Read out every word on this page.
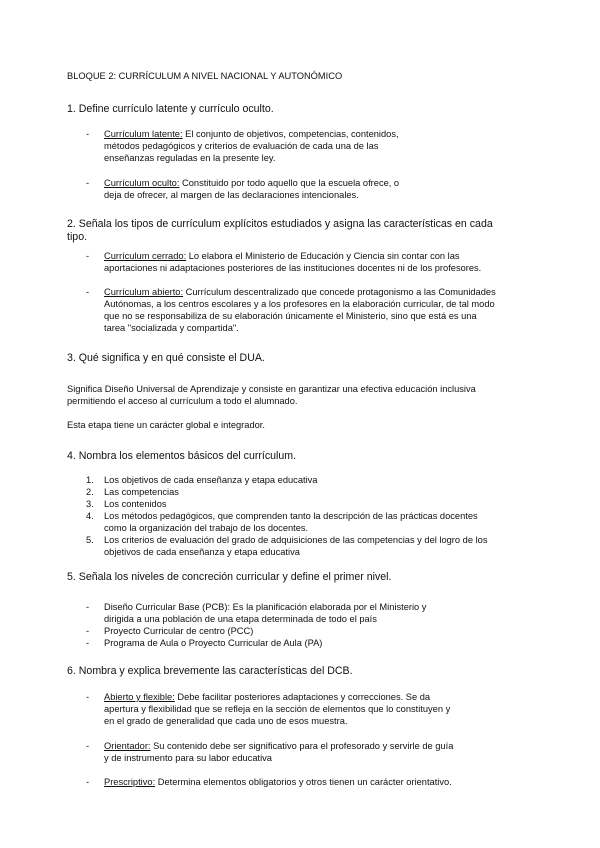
BLOQUE 2: CURRÍCULUM A NIVEL NACIONAL Y AUTONÓMICO
1. Define currículo latente y currículo oculto.
- Currículum latente: El conjunto de objetivos, competencias, contenidos,
métodos pedagógicos y criterios de evaluación de cada una de las
enseñanzas reguladas en la presente ley.
- Currículum oculto: Constituido por todo aquello que la escuela ofrece, o
deja de ofrecer, al margen de las declaraciones intencionales.
2. Señala los tipos de currículum explícitos estudiados y asigna las características en cada
tipo.
- Currículum cerrado: Lo elabora el Ministerio de Educación y Ciencia sin contar con las
aportaciones ni adaptaciones posteriores de las instituciones docentes ni de los profesores.
- Currículum abierto: Currículum descentralizado que concede protagonismo a las Comunidades
Autónomas, a los centros escolares y a los profesores en la elaboración curricular, de tal modo
que no se responsabiliza de su elaboración únicamente el Ministerio, sino que está es una
tarea "socializada y compartida".
3. Qué significa y en qué consiste el DUA.
Significa Diseño Universal de Aprendizaje y consiste en garantizar una efectiva educación inclusiva
permitiendo el acceso al currículum a todo el alumnado.
Esta etapa tiene un carácter global e integrador.
4. Nombra los elementos básicos del currículum.
1. Los objetivos de cada enseñanza y etapa educativa
2. Las competencias
3. Los contenidos
4. Los métodos pedagógicos, que comprenden tanto la descripción de las prácticas docentes
como la organización del trabajo de los docentes.
5. Los criterios de evaluación del grado de adquisiciones de las competencias y del logro de los
objetivos de cada enseñanza y etapa educativa
5. Señala los niveles de concreción curricular y define el primer nivel.
- Diseño Curricular Base (PCB): Es la planificación elaborada por el Ministerio y
dirigida a una población de una etapa determinada de todo el país
- Proyecto Curricular de centro (PCC)
- Programa de Aula o Proyecto Curricular de Aula (PA)
6. Nombra y explica brevemente las características del DCB.
- Abierto y flexible: Debe facilitar posteriores adaptaciones y correcciones. Se da
apertura y flexibilidad que se refleja en la sección de elementos que lo constituyen y
en el grado de generalidad que cada uno de esos muestra.
- Orientador: Su contenido debe ser significativo para el profesorado y servirle de guía
y de instrumento para su labor educativa
- Prescriptivo: Determina elementos obligatorios y otros tienen un carácter orientativo.
